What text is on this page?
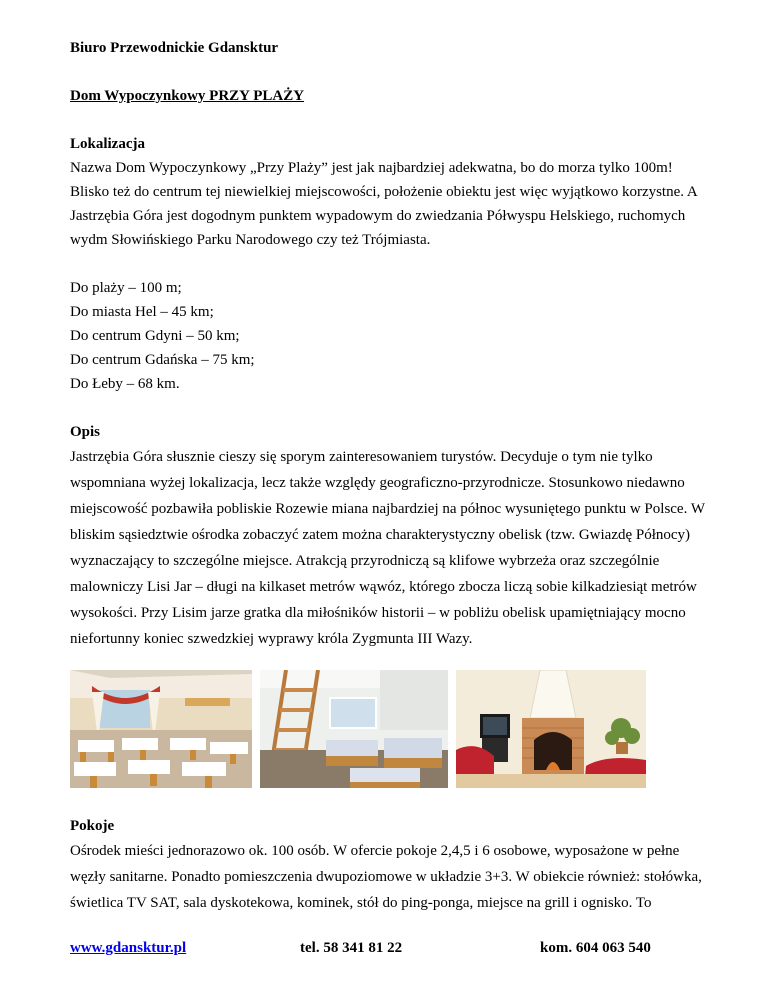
Biuro Przewodnickie Gdansktur
Dom Wypoczynkowy PRZY PLAŻY
Lokalizacja
Nazwa Dom Wypoczynkowy „Przy Plaży” jest jak najbardziej adekwatna, bo do morza tylko 100m!
Blisko też do centrum tej niewielkiej miejscowości, położenie obiektu jest więc wyjątkowo korzystne. A
Jastrzębia Góra jest dogodnym punktem wypadowym do zwiedzania Półwyspu Helskiego, ruchomych
wydm Słowińskiego Parku Narodowego czy też Trójmiasta.
Do plaży – 100 m;
Do miasta Hel – 45 km;
Do centrum Gdyni – 50 km;
Do centrum Gdańska – 75 km;
Do Łeby – 68 km.
Opis
Jastrzębia Góra słusznie cieszy się sporym zainteresowaniem turystów. Decyduje o tym nie tylko
wspomniana wyżej lokalizacja, lecz także względy geograficzno-przyrodnicze. Stosunkowo niedawno
miejscowość pozbawiła pobliskie Rozewie miana najbardziej na północ wysuniętego punktu w Polsce. W
bliskim sąsiedztwie ośrodka zobaczyć zatem można charakterystyczny obelisk (tzw. Gwiazdę Północy)
wyznaczający to szczególne miejsce. Atrakcją przyrodniczą są klifowe wybrzeża oraz szczególnie
malowniczy Lisi Jar – długi na kilkaset metrów wąwóz, którego zbocza liczą sobie kilkadziesiąt metrów
wysokości. Przy Lisim jarze gratka dla miłośników historii – w pobliżu obelisk upamiętniający mocno
niefortunny koniec szwedzkiej wyprawy króla Zygmunta III Wazy.
Pokoje
Ośrodek mieści jednorazowo ok. 100 osób. W ofercie pokoje 2,4,5 i 6 osobowe, wyposażone w pełne
węzły sanitarne. Ponadto pomieszczenia dwupoziomowe w układzie 3+3. W obiekcie również: stołówka,
świetlica TV SAT, sala dyskotekowa, kominek, stół do ping-ponga, miejsce na grill i ognisko. To
www.gdansktur.pl	tel. 58 341 81 22	kom. 604 063 540
